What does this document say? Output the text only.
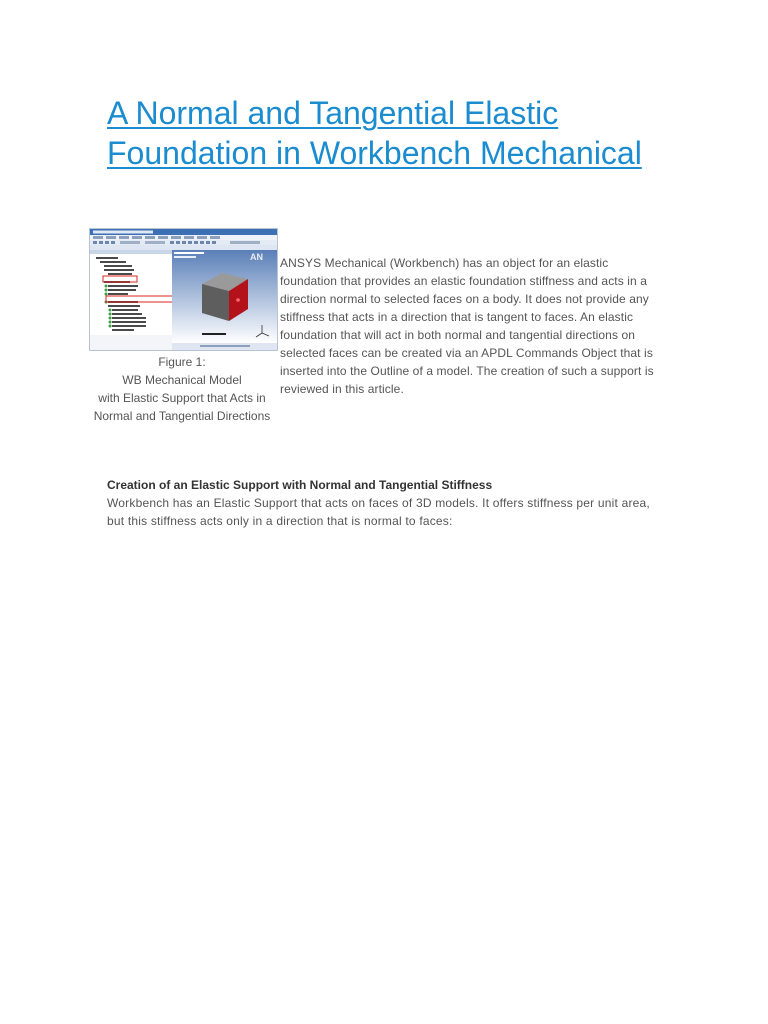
A Normal and Tangential Elastic Foundation in Workbench Mechanical
AN
Figure 1:
WB Mechanical Model
with Elastic Support that Acts in
Normal and Tangential Directions

ANSYS Mechanical (Workbench) has an object for an elastic foundation that provides an elastic foundation stiffness and acts in a direction normal to selected faces on a body. It does not provide any stiffness that acts in a direction that is tangent to faces. An elastic foundation that will act in both normal and tangential directions on selected faces can be created via an APDL Commands Object that is inserted into the Outline of a model. The creation of such a support is reviewed in this article.

Creation of an Elastic Support with Normal and Tangential Stiffness

Workbench has an Elastic Support that acts on faces of 3D models. It offers stiffness per unit area, but this stiffness acts only in a direction that is normal to faces:
